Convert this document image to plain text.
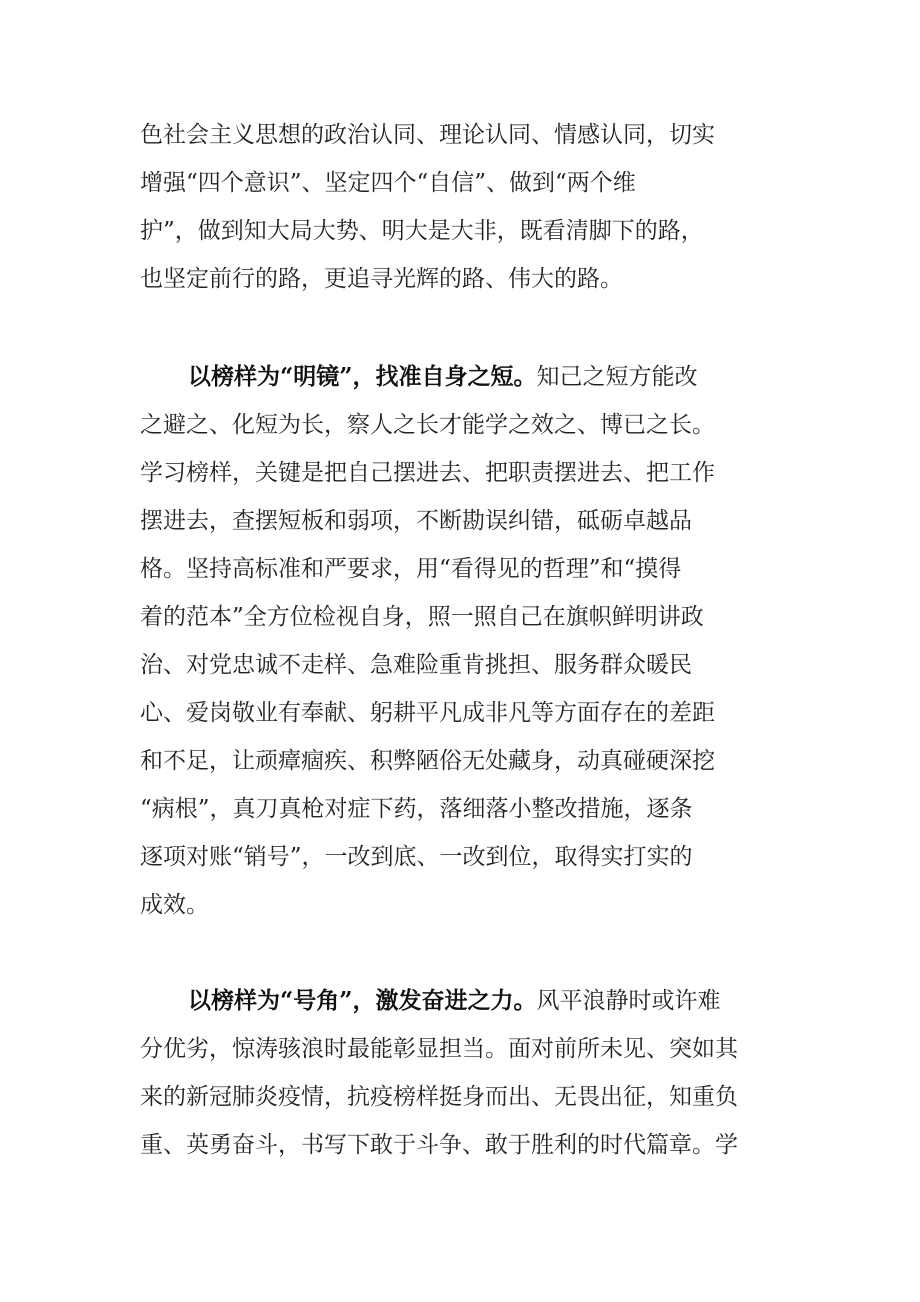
色社会主义思想的政治认同、理论认同、情感认同，切实
增强“四个意识”、坚定四个“自信”、做到“两个维
护”，做到知大局大势、明大是大非，既看清脚下的路，
也坚定前行的路，更追寻光辉的路、伟大的路。

以榜样为“明镜”，找准自身之短。知己之短方能改
之避之、化短为长，察人之长才能学之效之、博已之长。
学习榜样，关键是把自己摆进去、把职责摆进去、把工作
摆进去，查摆短板和弱项，不断勘误纠错，砥砺卓越品
格。坚持高标准和严要求，用“看得见的哲理”和“摸得
着的范本”全方位检视自身，照一照自己在旗帜鲜明讲政
治、对党忠诚不走样、急难险重肯挑担、服务群众暖民
心、爱岗敬业有奉献、躬耕平凡成非凡等方面存在的差距
和不足，让顽瘴痼疾、积弊陋俗无处藏身，动真碰硬深挖
“病根”，真刀真枪对症下药，落细落小整改措施，逐条
逐项对账“销号”，一改到底、一改到位，取得实打实的
成效。

以榜样为“号角”，激发奋进之力。风平浪静时或许难
分优劣，惊涛骇浪时最能彰显担当。面对前所未见、突如其
来的新冠肺炎疫情，抗疫榜样挺身而出、无畏出征，知重负
重、英勇奋斗，书写下敢于斗争、敢于胜利的时代篇章。学
